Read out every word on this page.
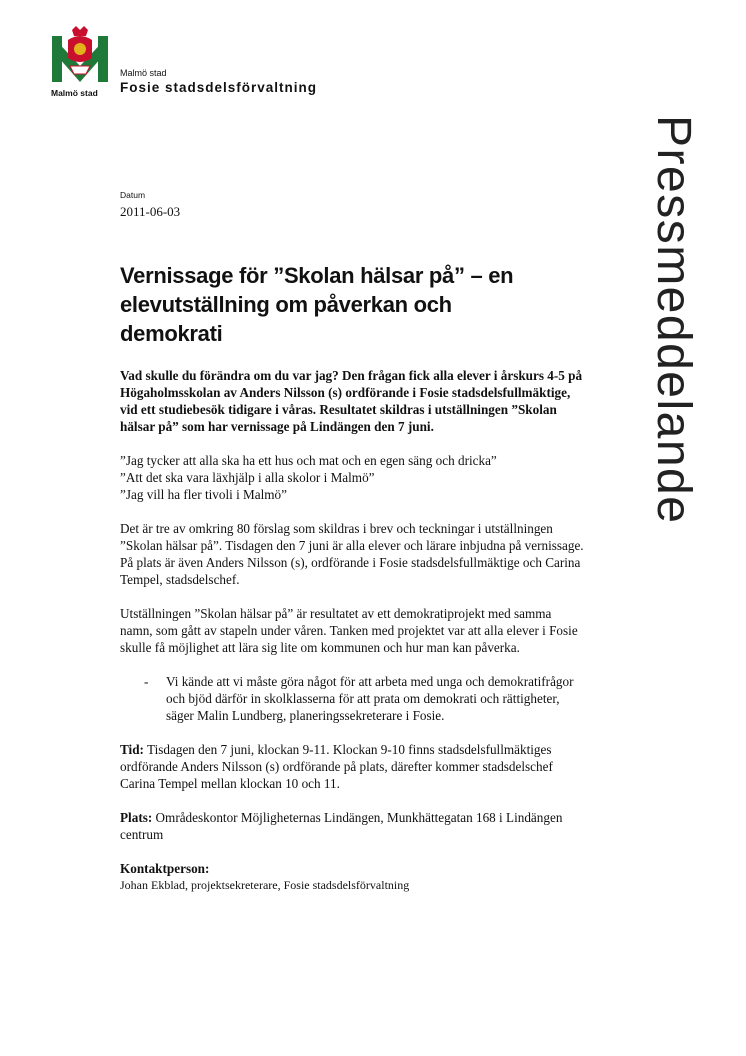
Malmö stad
Malmö stad
Fosie stadsdelsförvaltning
Pressmeddelande
Datum
2011-06-03
Vernissage för ”Skolan hälsar på” – en elevutställning om påverkan och demokrati

Vad skulle du förändra om du var jag? Den frågan fick alla elever i årskurs 4-5 på Högaholmsskolan av Anders Nilsson (s) ordförande i Fosie stadsdelsfullmäktige, vid ett studiebesök tidigare i våras. Resultatet skildras i utställningen ”Skolan hälsar på” som har vernissage på Lindängen den 7 juni.

”Jag tycker att alla ska ha ett hus och mat och en egen säng och dricka”

”Att det ska vara läxhjälp i alla skolor i Malmö”

”Jag vill ha fler tivoli i Malmö”

Det är tre av omkring 80 förslag som skildras i brev och teckningar i utställningen ”Skolan hälsar på”. Tisdagen den 7 juni är alla elever och lärare inbjudna på vernissage. På plats är även Anders Nilsson (s), ordförande i Fosie stadsdelsfullmäktige och Carina Tempel, stadsdelschef.

Utställningen ”Skolan hälsar på” är resultatet av ett demokratiprojekt med samma namn, som gått av stapeln under våren. Tanken med projektet var att alla elever i Fosie skulle få möjlighet att lära sig lite om kommunen och hur man kan påverka.

- Vi kände att vi måste göra något för att arbeta med unga och demokratifrågor och bjöd därför in skolklasserna för att prata om demokrati och rättigheter, säger Malin Lundberg, planeringssekreterare i Fosie.

Tid: Tisdagen den 7 juni, klockan 9-11. Klockan 9-10 finns stadsdelsfullmäktiges ordförande Anders Nilsson (s) ordförande på plats, därefter kommer stadsdelschef Carina Tempel mellan klockan 10 och 11.

Plats: Områdeskontor Möjligheternas Lindängen, Munkhättegatan 168 i Lindängen centrum

Kontaktperson:

Johan Ekblad, projektsekreterare, Fosie stadsdelsförvaltning
